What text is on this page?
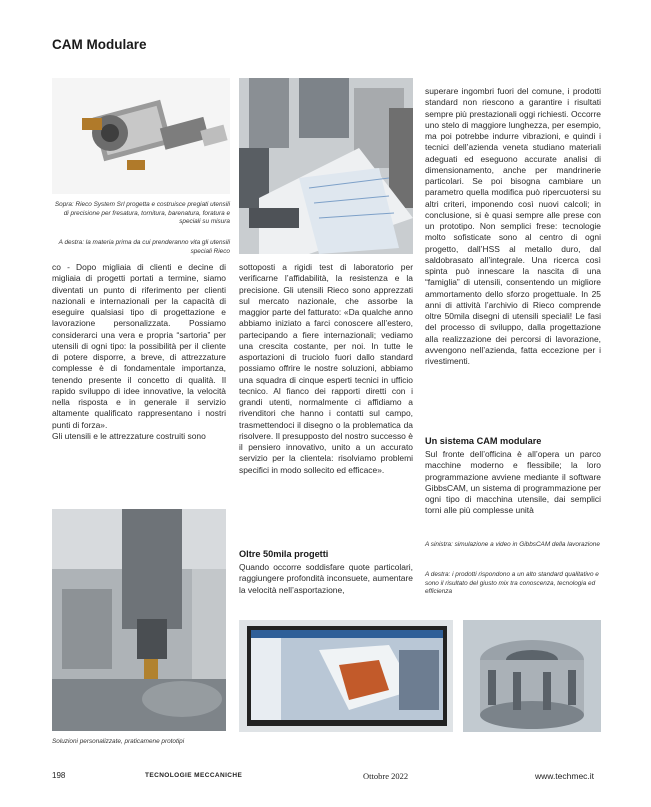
CAM Modulare
Sopra: Rieco System Srl progetta e costruisce pregiati utensili di precisione per fresatura, tornitura, barenatura, foratura e speciali su misura
A destra: la materia prima da cui prenderanno vita gli utensili speciali Rieco

co - Dopo migliaia di clienti e decine di migliaia di progetti portati a termine, siamo diventati un punto di riferimento per clienti nazionali e internazionali per la capacità di eseguire qualsiasi tipo di progettazione e lavorazione personalizzata. Possiamo considerarci una vera e propria “sartoria” per utensili di ogni tipo: la possibilità per il cliente di potere disporre, a breve, di attrezzature complesse è di fondamentale importanza, tenendo presente il concetto di qualità. Il rapido sviluppo di idee innovative, la velocità nella risposta e in generale il servizio altamente qualificato rappresentano i nostri punti di forza».

Gli utensili e le attrezzature costruiti sono

Soluzioni personalizzate, praticamene prototipi

sottoposti a rigidi test di laboratorio per verificarne l’affidabilità, la resistenza e la precisione. Gli utensili Rieco sono apprezzati sul mercato nazionale, che assorbe la maggior parte del fatturato: «Da qualche anno abbiamo iniziato a farci conoscere all’estero, partecipando a fiere internazionali; vediamo una crescita costante, per noi. In tutte le asportazioni di truciolo fuori dallo standard possiamo offrire le nostre soluzioni, abbiamo una squadra di cinque esperti tecnici in ufficio tecnico. Al fianco dei rapporti diretti con i grandi utenti, normalmente ci affidiamo a rivenditori che hanno i contatti sul campo, trasmettendoci il disegno o la problematica da risolvere. Il presupposto del nostro successo è il pensiero innovativo, unito a un accurato servizio per la clientela: risolviamo problemi specifici in modo sollecito ed efficace».

Oltre 50mila progetti
Quando occorre soddisfare quote particolari, raggiungere profondità inconsuete, aumentare la velocità nell’asportazione,

superare ingombri fuori del comune, i prodotti standard non riescono a garantire i risultati sempre più prestazionali oggi richiesti. Occorre uno stelo di maggiore lunghezza, per esempio, ma poi potrebbe indurre vibrazioni, e quindi i tecnici dell’azienda veneta studiano materiali adeguati ed eseguono accurate analisi di dimensionamento, anche per mandrinerie particolari. Se poi bisogna cambiare un parametro quella modifica può ripercuotersi su altri criteri, imponendo così nuovi calcoli; in conclusione, si è quasi sempre alle prese con un prototipo. Non semplici frese: tecnologie molto sofisticate sono al centro di ogni progetto, dall’HSS al metallo duro, dal saldobrasato all’integrale. Una ricerca così spinta può innescare la nascita di una “famiglia” di utensili, consentendo un migliore ammortamento dello sforzo progettuale. In 25 anni di attività l’archivio di Rieco comprende oltre 50mila disegni di utensili speciali! Le fasi del processo di sviluppo, dalla progettazione alla realizzazione dei percorsi di lavorazione, avvengono nell’azienda, fatta eccezione per i rivestimenti.

Un sistema CAM modulare
Sul fronte dell’officina è all’opera un parco macchine moderno e flessibile; la loro programmazione avviene mediante il software GibbsCAM, un sistema di programmazione per ogni tipo di macchina utensile, dai semplici torni alle più complesse unità
A sinistra: simulazione a video in GibbsCAM della lavorazione
A destra: i prodotti rispondono a un alto standard qualitativo e sono il risultato del giusto mix tra conoscenza, tecnologia ed efficienza
198	TECNOLOGIE MECCANICHE	Ottobre 2022	www.techmec.it
